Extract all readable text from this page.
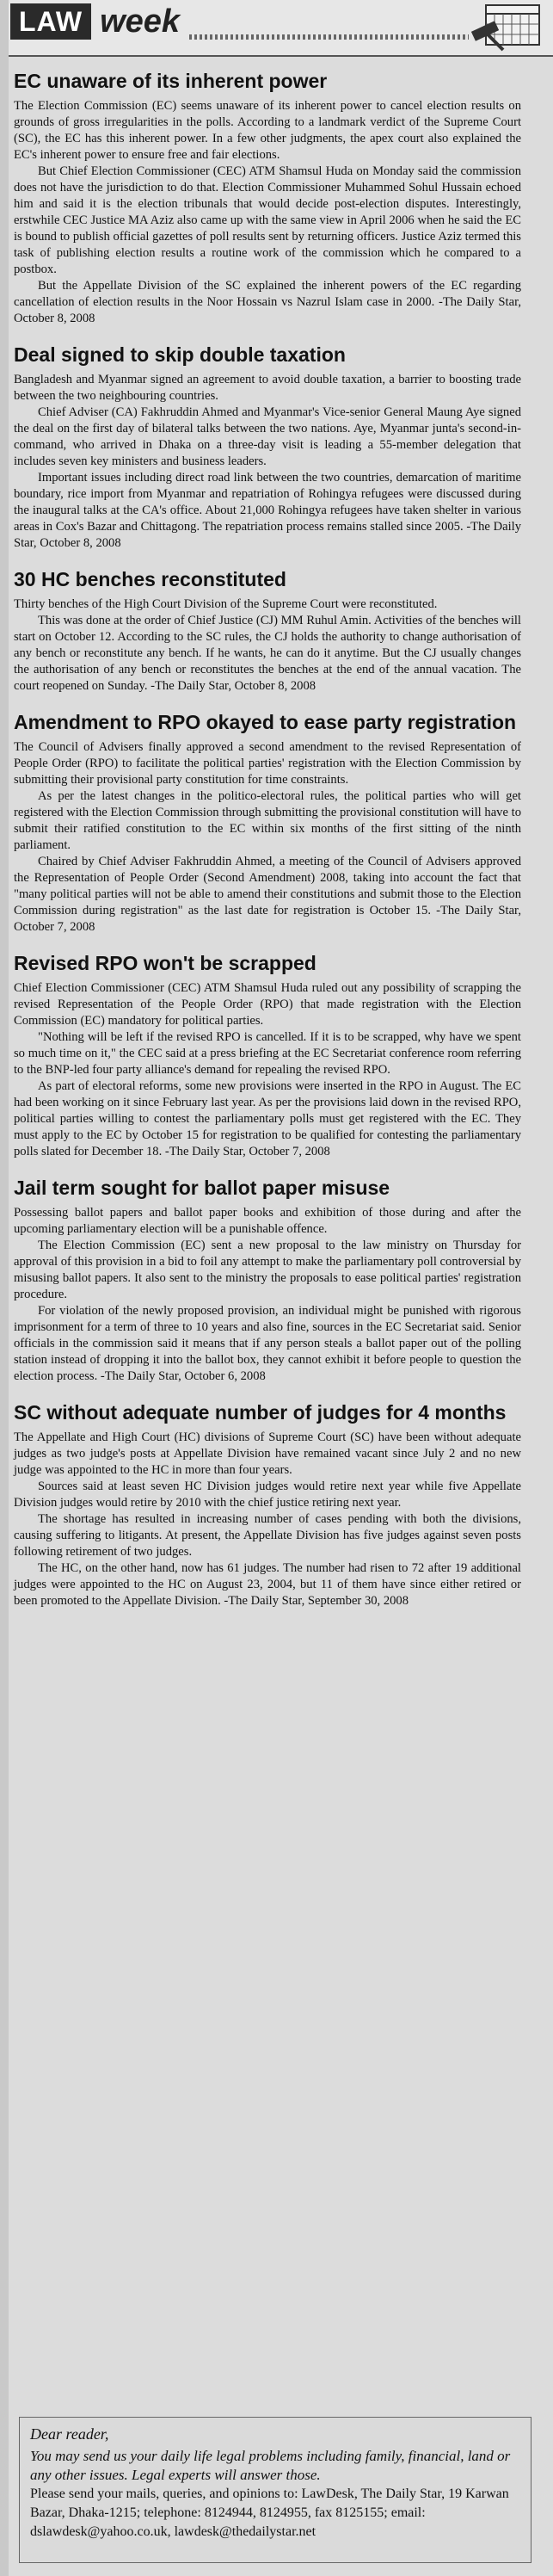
LAW week
EC unaware of its inherent power

The Election Commission (EC) seems unaware of its inherent power to cancel election results on grounds of gross irregularities in the polls. According to a landmark verdict of the Supreme Court (SC), the EC has this inherent power. In a few other judgments, the apex court also explained the EC's inherent power to ensure free and fair elections.

But Chief Election Commissioner (CEC) ATM Shamsul Huda on Monday said the commission does not have the jurisdiction to do that. Election Commissioner Muhammed Sohul Hussain echoed him and said it is the election tribunals that would decide post-election disputes. Interestingly, erstwhile CEC Justice MA Aziz also came up with the same view in April 2006 when he said the EC is bound to publish official gazettes of poll results sent by returning officers. Justice Aziz termed this task of publishing election results a routine work of the commission which he compared to a postbox.

But the Appellate Division of the SC explained the inherent powers of the EC regarding cancellation of election results in the Noor Hossain vs Nazrul Islam case in 2000. -The Daily Star, October 8, 2008

Deal signed to skip double taxation

Bangladesh and Myanmar signed an agreement to avoid double taxation, a barrier to boosting trade between the two neighbouring countries.

Chief Adviser (CA) Fakhruddin Ahmed and Myanmar's Vice-senior General Maung Aye signed the deal on the first day of bilateral talks between the two nations. Aye, Myanmar junta's second-in-command, who arrived in Dhaka on a three-day visit is leading a 55-member delegation that includes seven key ministers and business leaders.

Important issues including direct road link between the two countries, demarcation of maritime boundary, rice import from Myanmar and repatriation of Rohingya refugees were discussed during the inaugural talks at the CA's office. About 21,000 Rohingya refugees have taken shelter in various areas in Cox's Bazar and Chittagong. The repatriation process remains stalled since 2005. -The Daily Star, October 8, 2008

30 HC benches reconstituted

Thirty benches of the High Court Division of the Supreme Court were reconstituted.

This was done at the order of Chief Justice (CJ) MM Ruhul Amin. Activities of the benches will start on October 12. According to the SC rules, the CJ holds the authority to change authorisation of any bench or reconstitute any bench. If he wants, he can do it anytime. But the CJ usually changes the authorisation of any bench or reconstitutes the benches at the end of the annual vacation. The court reopened on Sunday. -The Daily Star, October 8, 2008

Amendment to RPO okayed to ease party registration

The Council of Advisers finally approved a second amendment to the revised Representation of People Order (RPO) to facilitate the political parties' registration with the Election Commission by submitting their provisional party constitution for time constraints.

As per the latest changes in the politico-electoral rules, the political parties who will get registered with the Election Commission through submitting the provisional constitution will have to submit their ratified constitution to the EC within six months of the first sitting of the ninth parliament.

Chaired by Chief Adviser Fakhruddin Ahmed, a meeting of the Council of Advisers approved the Representation of People Order (Second Amendment) 2008, taking into account the fact that "many political parties will not be able to amend their constitutions and submit those to the Election Commission during registration" as the last date for registration is October 15. -The Daily Star, October 7, 2008

Revised RPO won't be scrapped

Chief Election Commissioner (CEC) ATM Shamsul Huda ruled out any possibility of scrapping the revised Representation of the People Order (RPO) that made registration with the Election Commission (EC) mandatory for political parties.

"Nothing will be left if the revised RPO is cancelled. If it is to be scrapped, why have we spent so much time on it," the CEC said at a press briefing at the EC Secretariat conference room referring to the BNP-led four party alliance's demand for repealing the revised RPO.

As part of electoral reforms, some new provisions were inserted in the RPO in August. The EC had been working on it since February last year. As per the provisions laid down in the revised RPO, political parties willing to contest the parliamentary polls must get registered with the EC. They must apply to the EC by October 15 for registration to be qualified for contesting the parliamentary polls slated for December 18. -The Daily Star, October 7, 2008

Jail term sought for ballot paper misuse

Possessing ballot papers and ballot paper books and exhibition of those during and after the upcoming parliamentary election will be a punishable offence.

The Election Commission (EC) sent a new proposal to the law ministry on Thursday for approval of this provision in a bid to foil any attempt to make the parliamentary poll controversial by misusing ballot papers. It also sent to the ministry the proposals to ease political parties' registration procedure.

For violation of the newly proposed provision, an individual might be punished with rigorous imprisonment for a term of three to 10 years and also fine, sources in the EC Secretariat said. Senior officials in the commission said it means that if any person steals a ballot paper out of the polling station instead of dropping it into the ballot box, they cannot exhibit it before people to question the election process. -The Daily Star, October 6, 2008

SC without adequate number of judges for 4 months

The Appellate and High Court (HC) divisions of Supreme Court (SC) have been without adequate judges as two judge's posts at Appellate Division have remained vacant since July 2 and no new judge was appointed to the HC in more than four years.

Sources said at least seven HC Division judges would retire next year while five Appellate Division judges would retire by 2010 with the chief justice retiring next year.

The shortage has resulted in increasing number of cases pending with both the divisions, causing suffering to litigants. At present, the Appellate Division has five judges against seven posts following retirement of two judges.

The HC, on the other hand, now has 61 judges. The number had risen to 72 after 19 additional judges were appointed to the HC on August 23, 2004, but 11 of them have since either retired or been promoted to the Appellate Division. -The Daily Star, September 30, 2008

Dear reader,
You may send us your daily life legal problems including family, financial, land or any other issues. Legal experts will answer those.
Please send your mails, queries, and opinions to: LawDesk, The Daily Star, 19 Karwan Bazar, Dhaka-1215; telephone: 8124944, 8124955, fax 8125155; email: dslawdesk@yahoo.co.uk, lawdesk@thedailystar.net
